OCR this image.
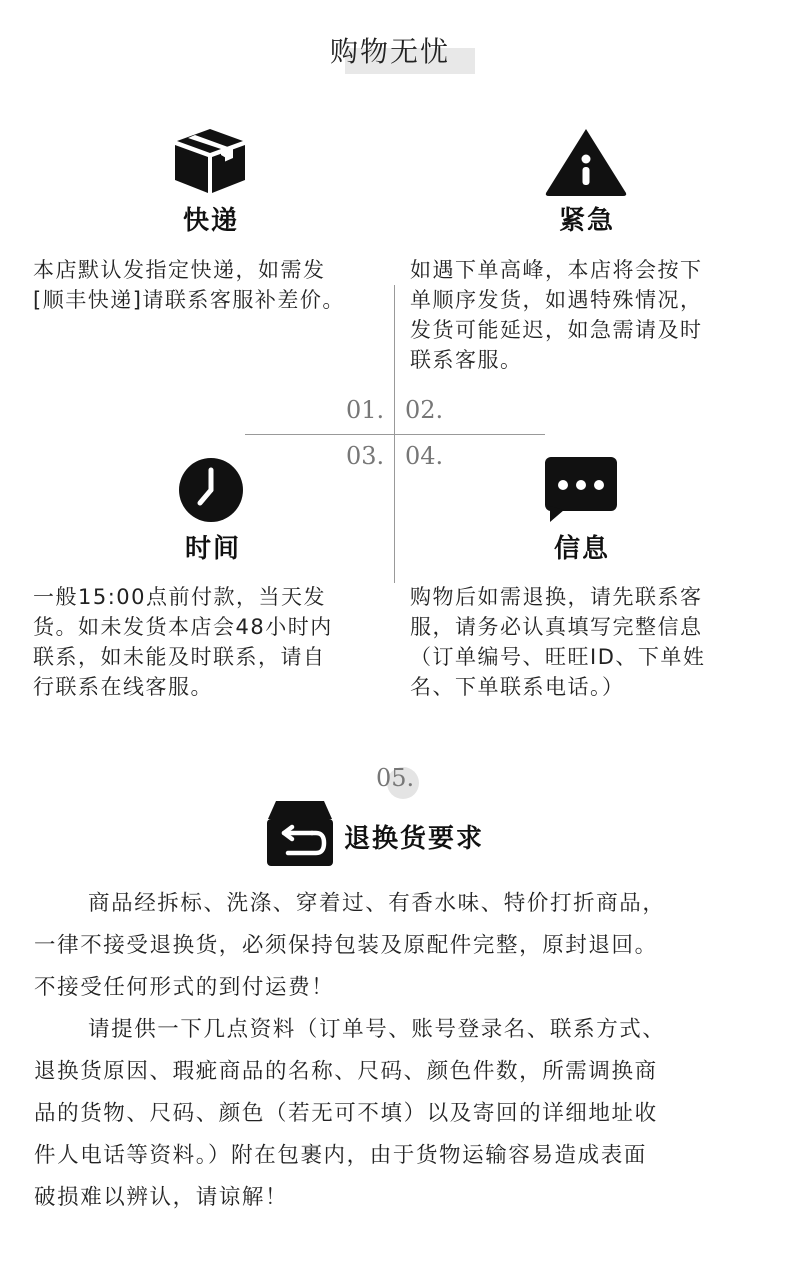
购物无忧
快递
本店默认发指定快递，如需发
[顺丰快递]请联系客服补差价。
01.
紧急
如遇下单高峰，本店将会按下
单顺序发货，如遇特殊情况，
发货可能延迟，如急需请及时
联系客服。
02.
03.
时间
一般15:00点前付款，当天发
货。如未发货本店会48小时内
联系，如未能及时联系，请自
行联系在线客服。
04.
信息
购物后如需退换，请先联系客
服，请务必认真填写完整信息
（订单编号、旺旺ID、下单姓
名、下单联系电话。）
05.
退换货要求
商品经拆标、洗涤、穿着过、有香水味、特价打折商品，
一律不接受退换货，必须保持包装及原配件完整，原封退回。
不接受任何形式的到付运费！
请提供一下几点资料（订单号、账号登录名、联系方式、
退换货原因、瑕疵商品的名称、尺码、颜色件数，所需调换商
品的货物、尺码、颜色（若无可不填）以及寄回的详细地址收
件人电话等资料。）附在包裹内，由于货物运输容易造成表面
破损难以辨认，请谅解！
